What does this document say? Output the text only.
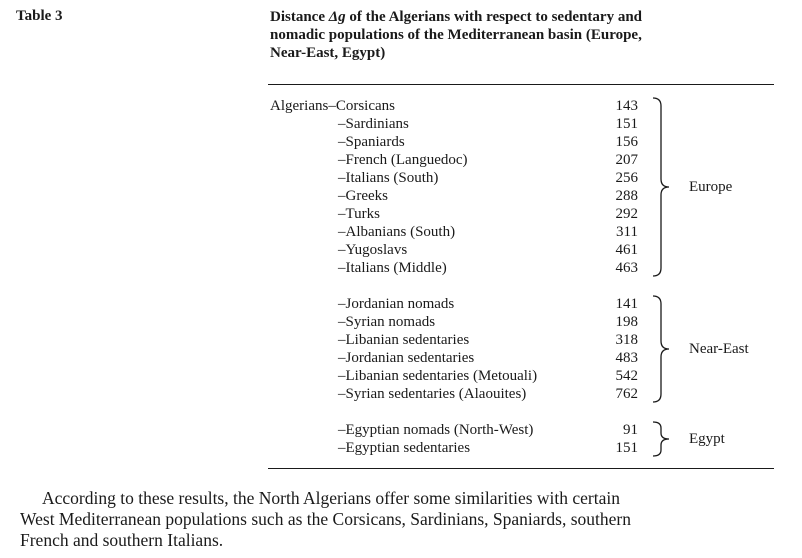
Table 3	Distance Δg of the Algerians with respect to sedentary and
nomadic populations of the Mediterranean basin (Europe,
Near-East, Egypt)
Algerians–Corsicans	143
–Sardinians	151
–Spaniards	156
–French (Languedoc)	207
–Italians (South)	256
–Greeks	288
–Turks	292
–Albanians (South)	311
–Yugoslavs	461
–Italians (Middle)	463
Europe
–Jordanian nomads	141
–Syrian nomads	198
–Libanian sedentaries	318
–Jordanian sedentaries	483
–Libanian sedentaries (Metouali)	542
–Syrian sedentaries (Alaouites)	762
Near-East
–Egyptian nomads (North-West)	91
–Egyptian sedentaries	151
Egypt
According to these results, the North Algerians offer some similarities with certain
West Mediterranean populations such as the Corsicans, Sardinians, Spaniards, southern
French and southern Italians.
